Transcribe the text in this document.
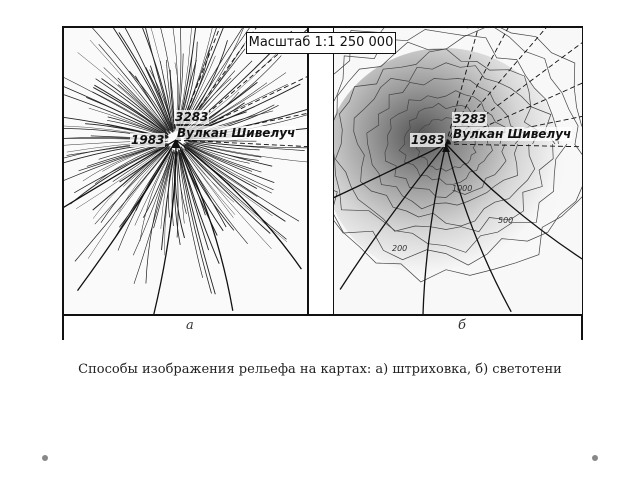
Масштаб 1:1 250 000
3283
1983 Вулкан Шивелуч
3283
1983 Вулкан Шивелуч
1000
200
500
а	б
Способы изображения рельефа на картах: а) штриховка, б) светотени
